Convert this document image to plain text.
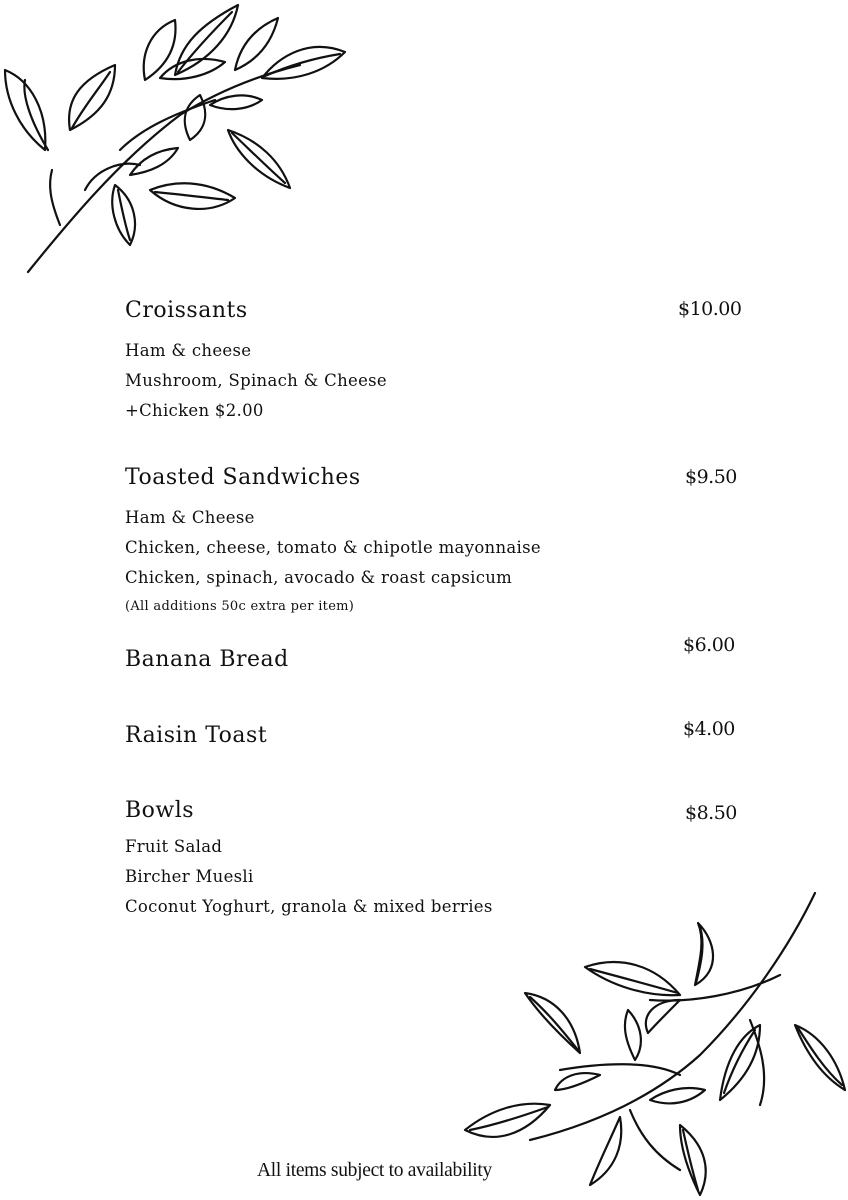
Croissants
Ham & cheese
Mushroom, Spinach & Cheese
+Chicken $2.00
$10.00
Toasted Sandwiches
Ham & Cheese
Chicken, cheese, tomato & chipotle mayonnaise
Chicken, spinach, avocado & roast capsicum
(All additions 50c extra per item)
$9.50
Banana Bread
$6.00
Raisin Toast	$4.00
Bowls
Fruit Salad
Bircher Muesli
Coconut Yoghurt, granola & mixed berries
$8.50
All items subject to availability
